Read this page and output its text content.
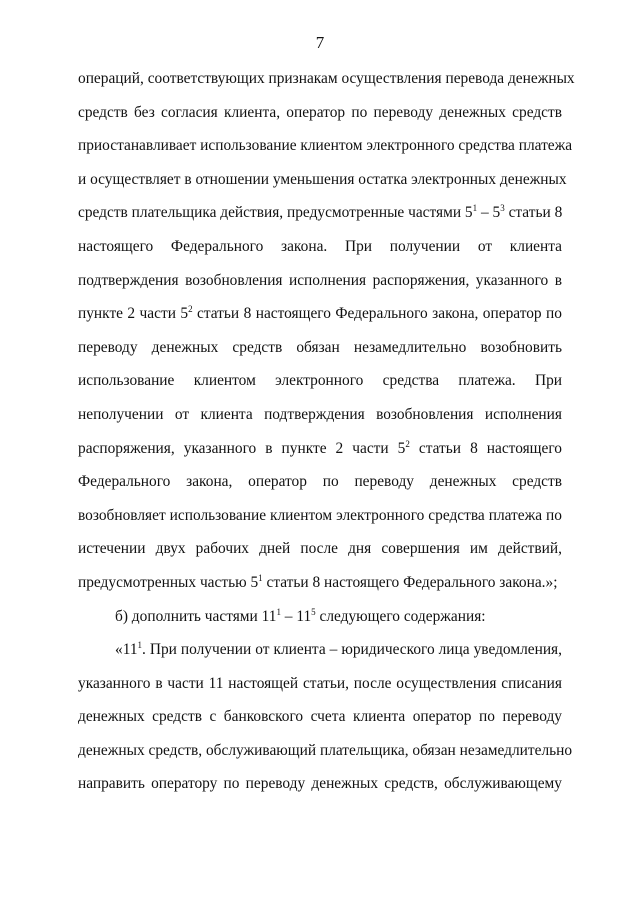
7
операций, соответствующих признакам осуществления перевода денежных
средств без согласия клиента, оператор по переводу денежных средств
приостанавливает использование клиентом электронного средства платежа
и осуществляет в отношении уменьшения остатка электронных денежных
средств плательщика действия, предусмотренные частями $5^1 - 5^3$ статьи 8
настоящего Федерального закона. При получении от клиента
подтверждения возобновления исполнения распоряжения, указанного в
пункте 2 части $5^2$ статьи 8 настоящего Федерального закона, оператор по
переводу денежных средств обязан незамедлительно возобновить
использование клиентом электронного средства платежа. При
неполучении от клиента подтверждения возобновления исполнения
распоряжения, указанного в пункте 2 части $5^2$ статьи 8 настоящего
Федерального закона, оператор по переводу денежных средств
возобновляет использование клиентом электронного средства платежа по
истечении двух рабочих дней после дня совершения им действий,
предусмотренных частью $5^1$ статьи 8 настоящего Федерального закона.»;
б) дополнить частями $11^1 - 11^5$ следующего содержания:
«$11^1$. При получении от клиента – юридического лица уведомления,
указанного в части 11 настоящей статьи, после осуществления списания
денежных средств с банковского счета клиента оператор по переводу
денежных средств, обслуживающий плательщика, обязан незамедлительно
направить оператору по переводу денежных средств, обслуживающему
